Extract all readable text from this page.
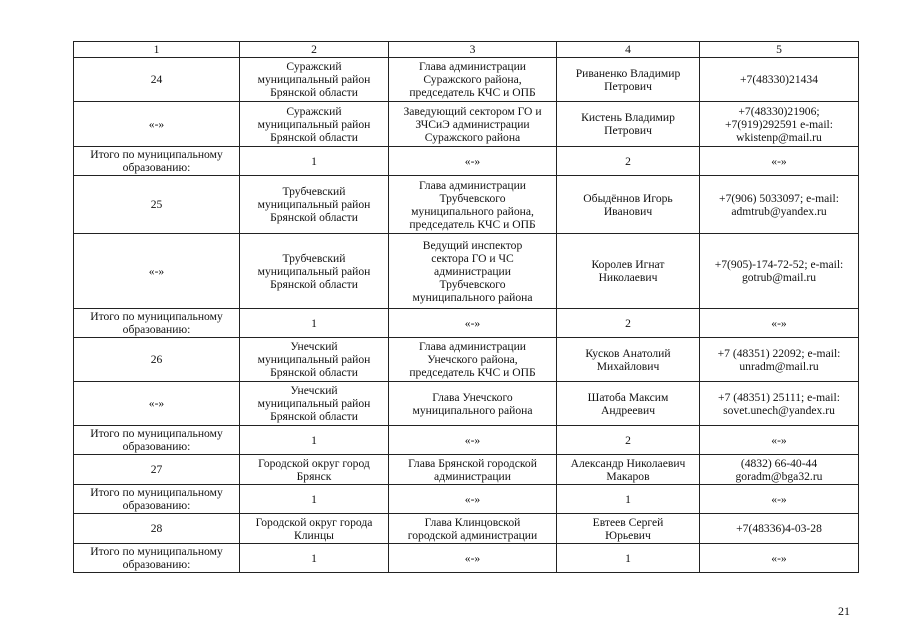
1	2	3	4	5

24	Суражский
муниципальный район
Брянской области	Глава администрации
Суражского района,
председатель КЧС и ОПБ	Риваненко Владимир
Петрович	+7(48330)21434

«-»	Суражский
муниципальный район
Брянской области	Заведующий сектором ГО и
ЗЧСиЭ администрации
Суражского района	Кистень Владимир
Петрович	+7(48330)21906;
+7(919)292591 e-mail:
wkistenp@mail.ru

Итого по муниципальному
образованию:	1	«-»	2	«-»

25	Трубчевский
муниципальный район
Брянской области	Глава администрации
Трубчевского
муниципального района,
председатель КЧС и ОПБ	Обыдённов Игорь
Иванович	+7(906) 5033097; e-mail:
admtrub@yandex.ru

«-»	Трубчевский
муниципальный район
Брянской области	Ведущий инспектор
сектора ГО и ЧС
администрации
Трубчевского
муниципального района	Королев Игнат
Николаевич	+7(905)-174-72-52; e-mail:
gotrub@mail.ru

Итого по муниципальному
образованию:	1	«-»	2	«-»

26	Унечский
муниципальный район
Брянской области	Глава администрации
Унечского района,
председатель КЧС и ОПБ	Кусков Анатолий
Михайлович	+7 (48351) 22092; e-mail:
unradm@mail.ru

«-»	Унечский
муниципальный район
Брянской области	Глава Унечского
муниципального района	Шатоба Максим
Андреевич	+7 (48351) 25111; e-mail:
sovet.unech@yandex.ru

Итого по муниципальному
образованию:	1	«-»	2	«-»

27	Городской округ город
Брянск	Глава Брянской городской
администрации	Александр Николаевич
Макаров	(4832) 66-40-44
goradm@bga32.ru

Итого по муниципальному
образованию:	1	«-»	1	«-»

28	Городской округ города
Клинцы	Глава Клинцовской
городской администрации	Евтеев Сергей
Юрьевич	+7(48336)4-03-28

Итого по муниципальному
образованию:	1	«-»	1	«-»
21
